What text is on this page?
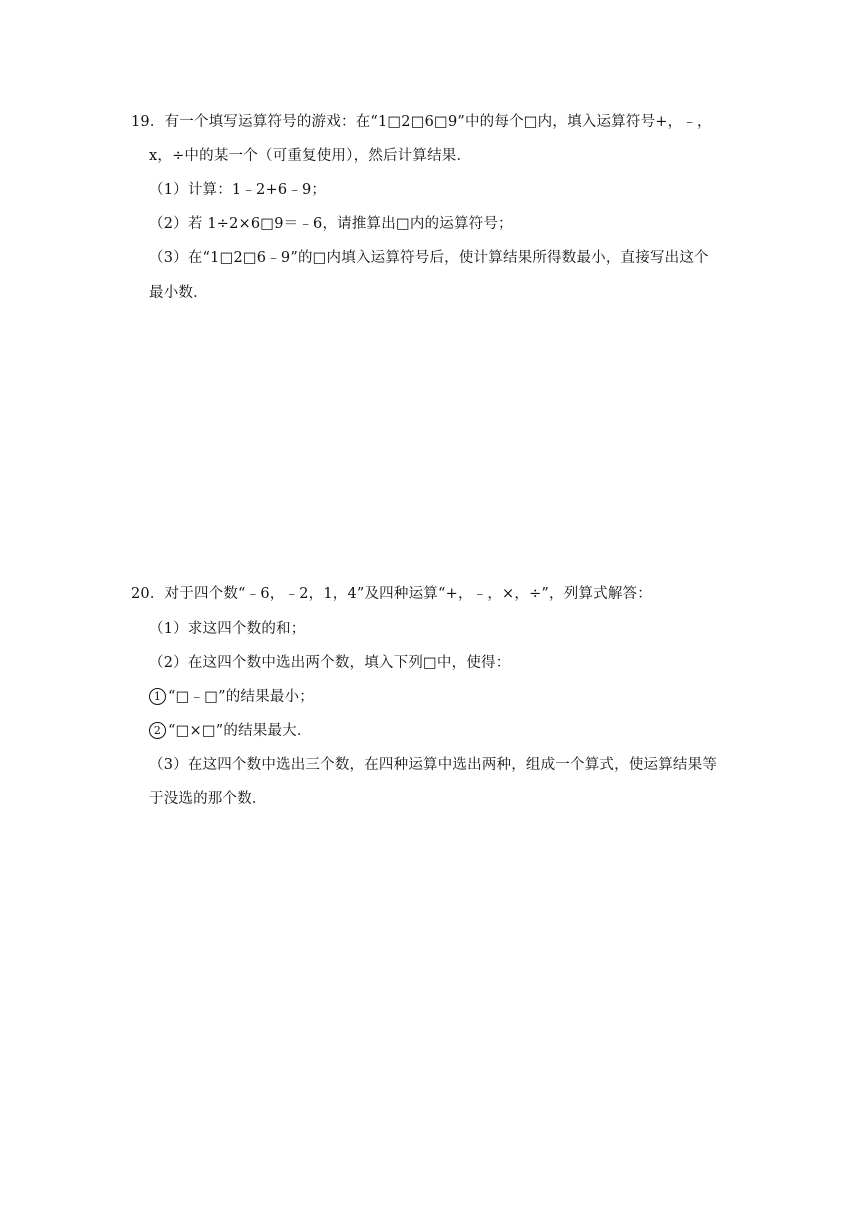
19．有一个填写运算符号的游戏：在“1□2□6□9”中的每个□内，填入运算符号+，﹣，
x，÷中的某一个（可重复使用），然后计算结果．
（1）计算：1﹣2+6﹣9；
（2）若 1÷2×6□9＝﹣6，请推算出□内的运算符号；
（3）在“1□2□6﹣9”的□内填入运算符号后，使计算结果所得数最小，直接写出这个
最小数．
20．对于四个数“﹣6，﹣2，1，4”及四种运算“+，﹣，×，÷”，列算式解答：
（1）求这四个数的和；
（2）在这四个数中选出两个数，填入下列□中，使得：
1 “□﹣□”的结果最小；
2 “□×□”的结果最大．
（3）在这四个数中选出三个数，在四种运算中选出两种，组成一个算式，使运算结果等
于没选的那个数．
